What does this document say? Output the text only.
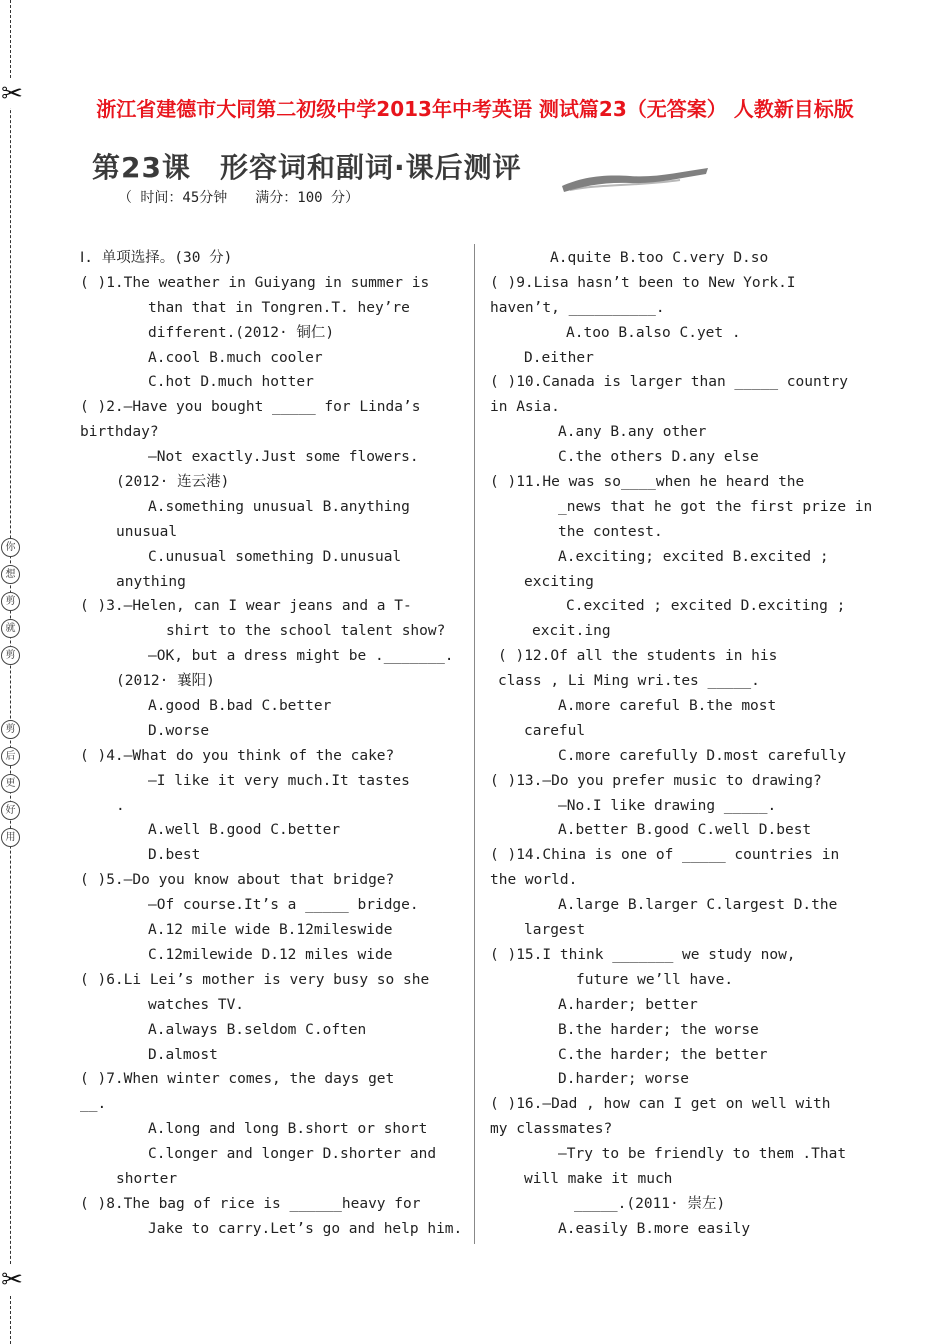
✂
✂
你
想
剪
就
剪
剪
后
更
好
用
浙江省建德市大同第二初级中学2013年中考英语 测试篇23（无答案） 人教新目标版
第23课　形容词和副词·课后测评
（ 时间：45分钟　　满分：100 分）
Ⅰ. 单项选择。(30 分)
( )1.The weather in Guiyang in summer is
than that in Tongren.T. hey’re
different.(2012· 铜仁)
A.cool B.much cooler
C.hot D.much hotter
( )2.—Have you bought _____ for Linda’s
birthday?
—Not exactly.Just some flowers.
(2012· 连云港)
A.something unusual B.anything
unusual
C.unusual something D.unusual
anything
( )3.—Helen, can I wear jeans and a T-
shirt to the school talent show?
—OK, but a dress might be ._______.
(2012· 襄阳)
A.good B.bad C.better
D.worse
( )4.—What do you think of the cake?
—I like it very much.It tastes
.
A.well B.good C.better
D.best
( )5.—Do you know about that bridge?
—Of course.It’s a _____ bridge.
A.12 mile wide B.12mileswide
C.12milewide D.12 miles wide
( )6.Li Lei’s mother is very busy so she
watches TV.
A.always B.seldom C.often
D.almost
( )7.When winter comes, the days get
__.
A.long and long B.short or short
C.longer and longer D.shorter and
shorter
( )8.The bag of rice is ______heavy for
Jake to carry.Let’s go and help him.
A.quite B.too C.very D.so
( )9.Lisa hasn’t been to New York.I
haven’t, __________.
A.too B.also C.yet .
D.either
( )10.Canada is larger than _____ country
in Asia.
A.any B.any other
C.the others D.any else
( )11.He was so____when he heard the
_news that he got the first prize in
the contest.
A.exciting; excited B.excited ;
exciting
C.excited ; excited D.exciting ;
excit.ing
( )12.Of all the students in his
class , Li Ming wri.tes _____.
A.more careful B.the most
careful
C.more carefully D.most carefully
( )13.—Do you prefer music to drawing?
—No.I like drawing _____.
A.better B.good C.well D.best
( )14.China is one of _____ countries in
the world.
A.large B.larger C.largest D.the
largest
( )15.I think _______ we study now,
future we’ll have.
A.harder; better
B.the harder; the worse
C.the harder; the better
D.harder; worse
( )16.—Dad , how can I get on well with
my classmates?
—Try to be friendly to them .That
will make it much
_____.(2011· 崇左)
A.easily B.more easily
